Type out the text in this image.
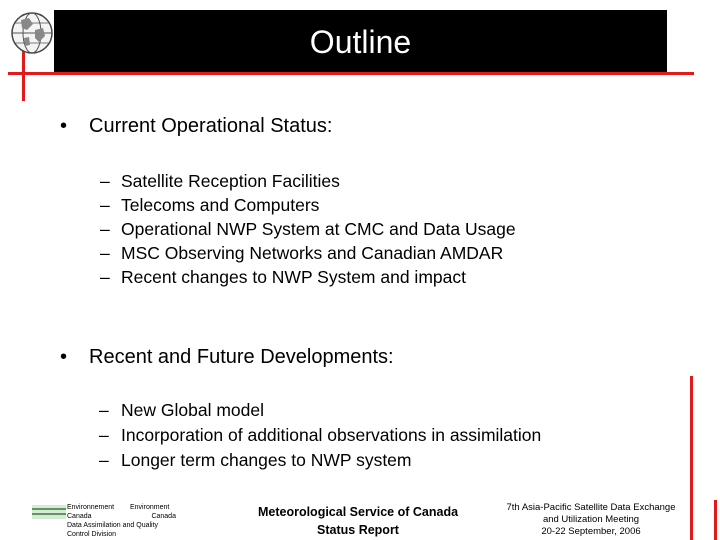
Outline
• Current Operational Status:
– Satellite Reception Facilities
– Telecoms and Computers
– Operational NWP System at CMC and Data Usage
– MSC Observing Networks and Canadian AMDAR
– Recent changes to NWP System and impact
• Recent and Future Developments:
– New Global model
– Incorporation of additional observations in assimilation
– Longer term changes to NWP system
Environnement Environment
Canada	Canada
Data Assimilation and Quality
Control Division
Meteorological Service of Canada
Status Report
7th Asia-Pacific Satellite Data Exchange
and Utilization Meeting
20-22 September, 2006
